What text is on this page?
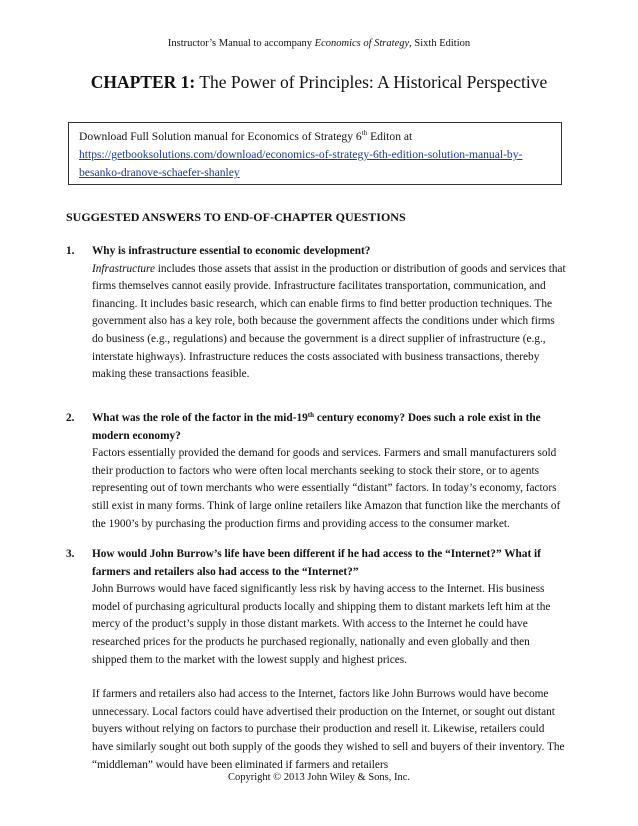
Instructor’s Manual to accompany Economics of Strategy, Sixth Edition
CHAPTER 1: The Power of Principles: A Historical Perspective
Download Full Solution manual for Economics of Strategy 6th Editon at
https://getbooksolutions.com/download/economics-of-strategy-6th-edition-solution-manual-by-besanko-dranove-schaefer-shanley
SUGGESTED ANSWERS TO END-OF-CHAPTER QUESTIONS
1. Why is infrastructure essential to economic development?
Infrastructure includes those assets that assist in the production or distribution of goods and services that firms themselves cannot easily provide. Infrastructure facilitates transportation, communication, and financing. It includes basic research, which can enable firms to find better production techniques. The government also has a key role, both because the government affects the conditions under which firms do business (e.g., regulations) and because the government is a direct supplier of infrastructure (e.g., interstate highways). Infrastructure reduces the costs associated with business transactions, thereby making these transactions feasible.
2. What was the role of the factor in the mid-19th century economy? Does such a role exist in the modern economy?
Factors essentially provided the demand for goods and services. Farmers and small manufacturers sold their production to factors who were often local merchants seeking to stock their store, or to agents representing out of town merchants who were essentially “distant” factors. In today’s economy, factors still exist in many forms. Think of large online retailers like Amazon that function like the merchants of the 1900’s by purchasing the production firms and providing access to the consumer market.
3. How would John Burrow’s life have been different if he had access to the “Internet?” What if farmers and retailers also had access to the “Internet?”
John Burrows would have faced significantly less risk by having access to the Internet. His business model of purchasing agricultural products locally and shipping them to distant markets left him at the mercy of the product’s supply in those distant markets. With access to the Internet he could have researched prices for the products he purchased regionally, nationally and even globally and then shipped them to the market with the lowest supply and highest prices.
If farmers and retailers also had access to the Internet, factors like John Burrows would have become unnecessary. Local factors could have advertised their production on the Internet, or sought out distant buyers without relying on factors to purchase their production and resell it. Likewise, retailers could have similarly sought out both supply of the goods they wished to sell and buyers of their inventory. The “middleman” would have been eliminated if farmers and retailers
Copyright © 2013 John Wiley & Sons, Inc.
